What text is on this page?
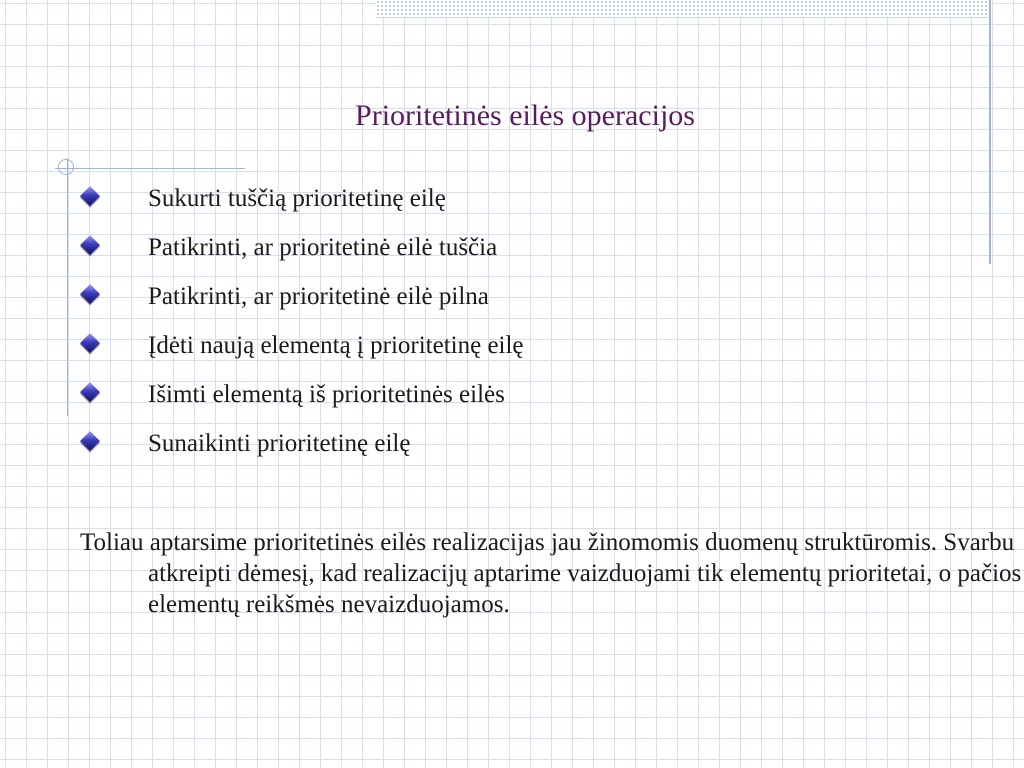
Prioritetinės eilės operacijos
Sukurti tuščią prioritetinę eilę
Patikrinti, ar prioritetinė eilė tuščia
Patikrinti, ar prioritetinė eilė pilna
Įdėti naują elementą į prioritetinę eilę
Išimti elementą iš prioritetinės eilės
Sunaikinti prioritetinę eilę

Toliau aptarsime prioritetinės eilės realizacijas jau žinomomis duomenų struktūromis. Svarbu atkreipti dėmesį, kad realizacijų aptarime vaizduojami tik elementų prioritetai, o pačios elementų reikšmės nevaizduojamos.
